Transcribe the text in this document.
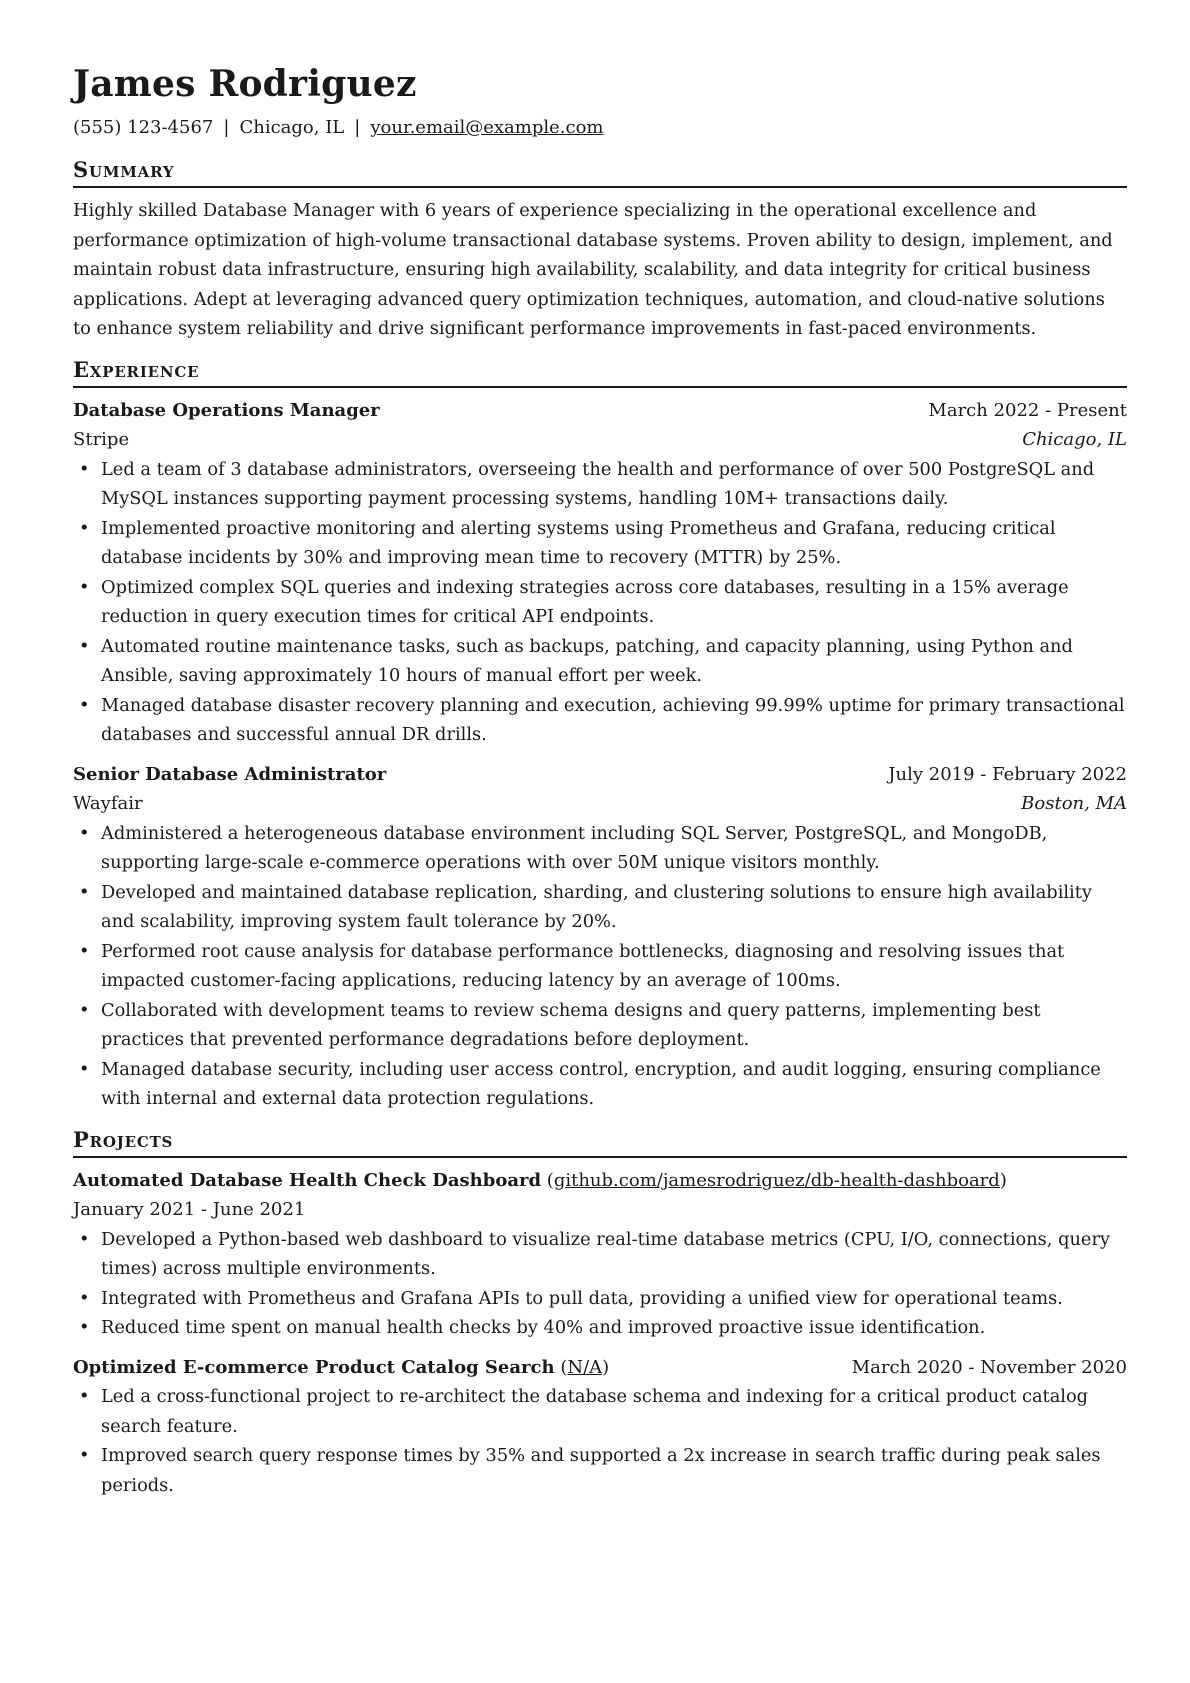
James Rodriguez
(555) 123-4567 | Chicago, IL | your.email@example.com
Summary
Highly skilled Database Manager with 6 years of experience specializing in the operational excellence and performance optimization of high-volume transactional database systems. Proven ability to design, implement, and maintain robust data infrastructure, ensuring high availability, scalability, and data integrity for critical business applications. Adept at leveraging advanced query optimization techniques, automation, and cloud-native solutions to enhance system reliability and drive significant performance improvements in fast-paced environments.
Experience
Database Operations Manager	March 2022 - Present
Stripe	Chicago, IL
• Led a team of 3 database administrators, overseeing the health and performance of over 500 PostgreSQL and MySQL instances supporting payment processing systems, handling 10M+ transactions daily.
• Implemented proactive monitoring and alerting systems using Prometheus and Grafana, reducing critical database incidents by 30% and improving mean time to recovery (MTTR) by 25%.
• Optimized complex SQL queries and indexing strategies across core databases, resulting in a 15% average reduction in query execution times for critical API endpoints.
• Automated routine maintenance tasks, such as backups, patching, and capacity planning, using Python and Ansible, saving approximately 10 hours of manual effort per week.
• Managed database disaster recovery planning and execution, achieving 99.99% uptime for primary transactional databases and successful annual DR drills.
Senior Database Administrator	July 2019 - February 2022
Wayfair	Boston, MA
• Administered a heterogeneous database environment including SQL Server, PostgreSQL, and MongoDB, supporting large-scale e-commerce operations with over 50M unique visitors monthly.
• Developed and maintained database replication, sharding, and clustering solutions to ensure high availability and scalability, improving system fault tolerance by 20%.
• Performed root cause analysis for database performance bottlenecks, diagnosing and resolving issues that impacted customer-facing applications, reducing latency by an average of 100ms.
• Collaborated with development teams to review schema designs and query patterns, implementing best practices that prevented performance degradations before deployment.
• Managed database security, including user access control, encryption, and audit logging, ensuring compliance with internal and external data protection regulations.
Projects
Automated Database Health Check Dashboard (github.com/jamesrodriguez/db-health-dashboard)
January 2021 - June 2021
• Developed a Python-based web dashboard to visualize real-time database metrics (CPU, I/O, connections, query times) across multiple environments.
• Integrated with Prometheus and Grafana APIs to pull data, providing a unified view for operational teams.
• Reduced time spent on manual health checks by 40% and improved proactive issue identification.
Optimized E-commerce Product Catalog Search (N/A)	March 2020 - November 2020
• Led a cross-functional project to re-architect the database schema and indexing for a critical product catalog search feature.
• Improved search query response times by 35% and supported a 2x increase in search traffic during peak sales periods.
